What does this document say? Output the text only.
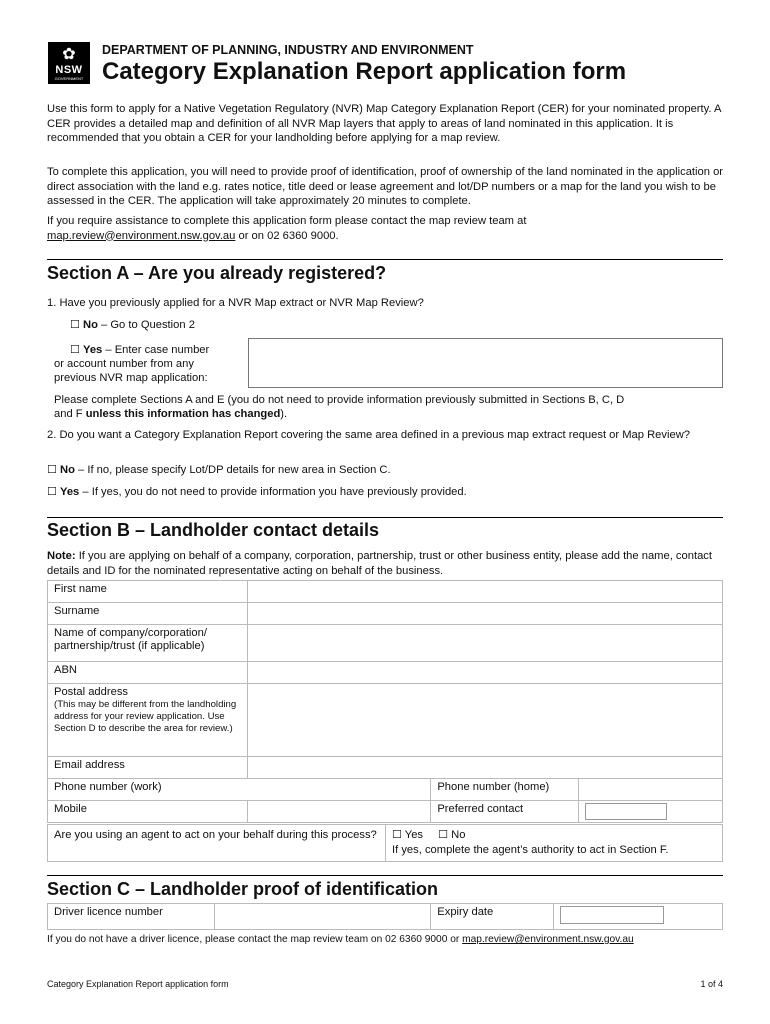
✿
NSW
GOVERNMENT
DEPARTMENT OF PLANNING, INDUSTRY AND ENVIRONMENT
Category Explanation Report application form
Use this form to apply for a Native Vegetation Regulatory (NVR) Map Category Explanation Report (CER) for your nominated property. A CER provides a detailed map and definition of all NVR Map layers that apply to areas of land nominated in this application. It is recommended that you obtain a CER for your landholding before applying for a map review.
To complete this application, you will need to provide proof of identification, proof of ownership of the land nominated in the application or direct association with the land e.g. rates notice, title deed or lease agreement and lot/DP numbers or a map for the land you wish to be assessed in the CER. The application will take approximately 20 minutes to complete.
If you require assistance to complete this application form please contact the map review team at
map.review@environment.nsw.gov.au or on 02 6360 9000.
Section A – Are you already registered?
1. Have you previously applied for a NVR Map extract or NVR Map Review?
☐ No – Go to Question 2
☐ Yes – Enter case number
or account number from any
previous NVR map application:
Please complete Sections A and E (you do not need to provide information previously submitted in Sections B, C, D
and F unless this information has changed).
2. Do you want a Category Explanation Report covering the same area defined in a previous map extract request or Map Review?
☐ No – If no, please specify Lot/DP details for new area in Section C.
☐ Yes – If yes, you do not need to provide information you have previously provided.
Section B – Landholder contact details
Note: If you are applying on behalf of a company, corporation, partnership, trust or other business entity, please add the name, contact details and ID for the nominated representative acting on behalf of the business.
First name			
Surname			
Name of company/corporation/
partnership/trust (if applicable)			
ABN			
Postal address
(This may be different from the landholding address for your review application. Use Section D to describe the area for review.)			

Email address			
Phone number (work)		Phone number (home)	
Mobile		Preferred contact	
Are you using an agent to act on your behalf during this process? ☐ Yes ☐ No
If yes, complete the agent’s authority to act in Section F.
Section C – Landholder proof of identification
Driver licence number		Expiry date	
If you do not have a driver licence, please contact the map review team on 02 6360 9000 or map.review@environment.nsw.gov.au
Category Explanation Report application form	1 of 4
